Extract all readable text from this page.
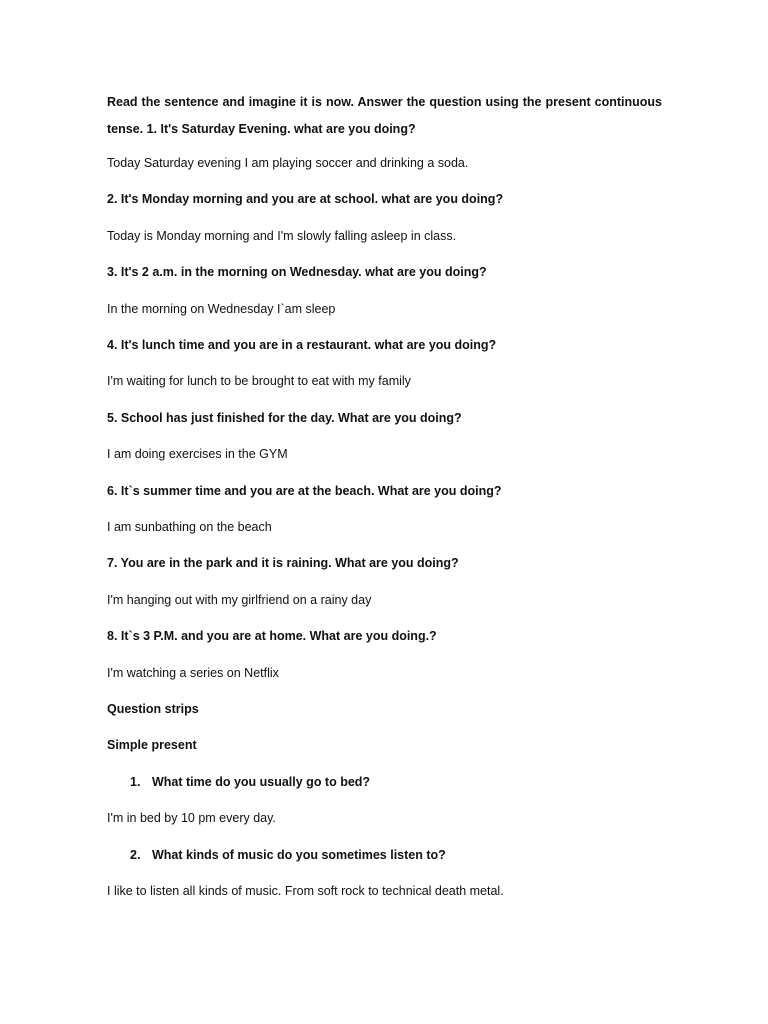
Read the sentence and imagine it is now. Answer the question using the present continuous
tense. 1. It's Saturday Evening. what are you doing?
Today Saturday evening I am playing soccer and drinking a soda.
2. It's Monday morning and you are at school. what are you doing?
Today is Monday morning and I'm slowly falling asleep in class.
3. It's 2 a.m. in the morning on Wednesday. what are you doing?
In the morning on Wednesday I`am sleep
4. It's lunch time and you are in a restaurant. what are you doing?
I'm waiting for lunch to be brought to eat with my family
5. School has just finished for the day. What are you doing?
I am doing exercises in the GYM
6. It`s summer time and you are at the beach. What are you doing?
I am sunbathing on the beach
7. You are in the park and it is raining. What are you doing?
I'm hanging out with my girlfriend on a rainy day
8. It`s 3 P.M. and you are at home. What are you doing.?
I'm watching a series on Netflix
Question strips
Simple present
1. What time do you usually go to bed?
I'm in bed by 10 pm every day.
2. What kinds of music do you sometimes listen to?
I like to listen all kinds of music. From soft rock to technical death metal.
